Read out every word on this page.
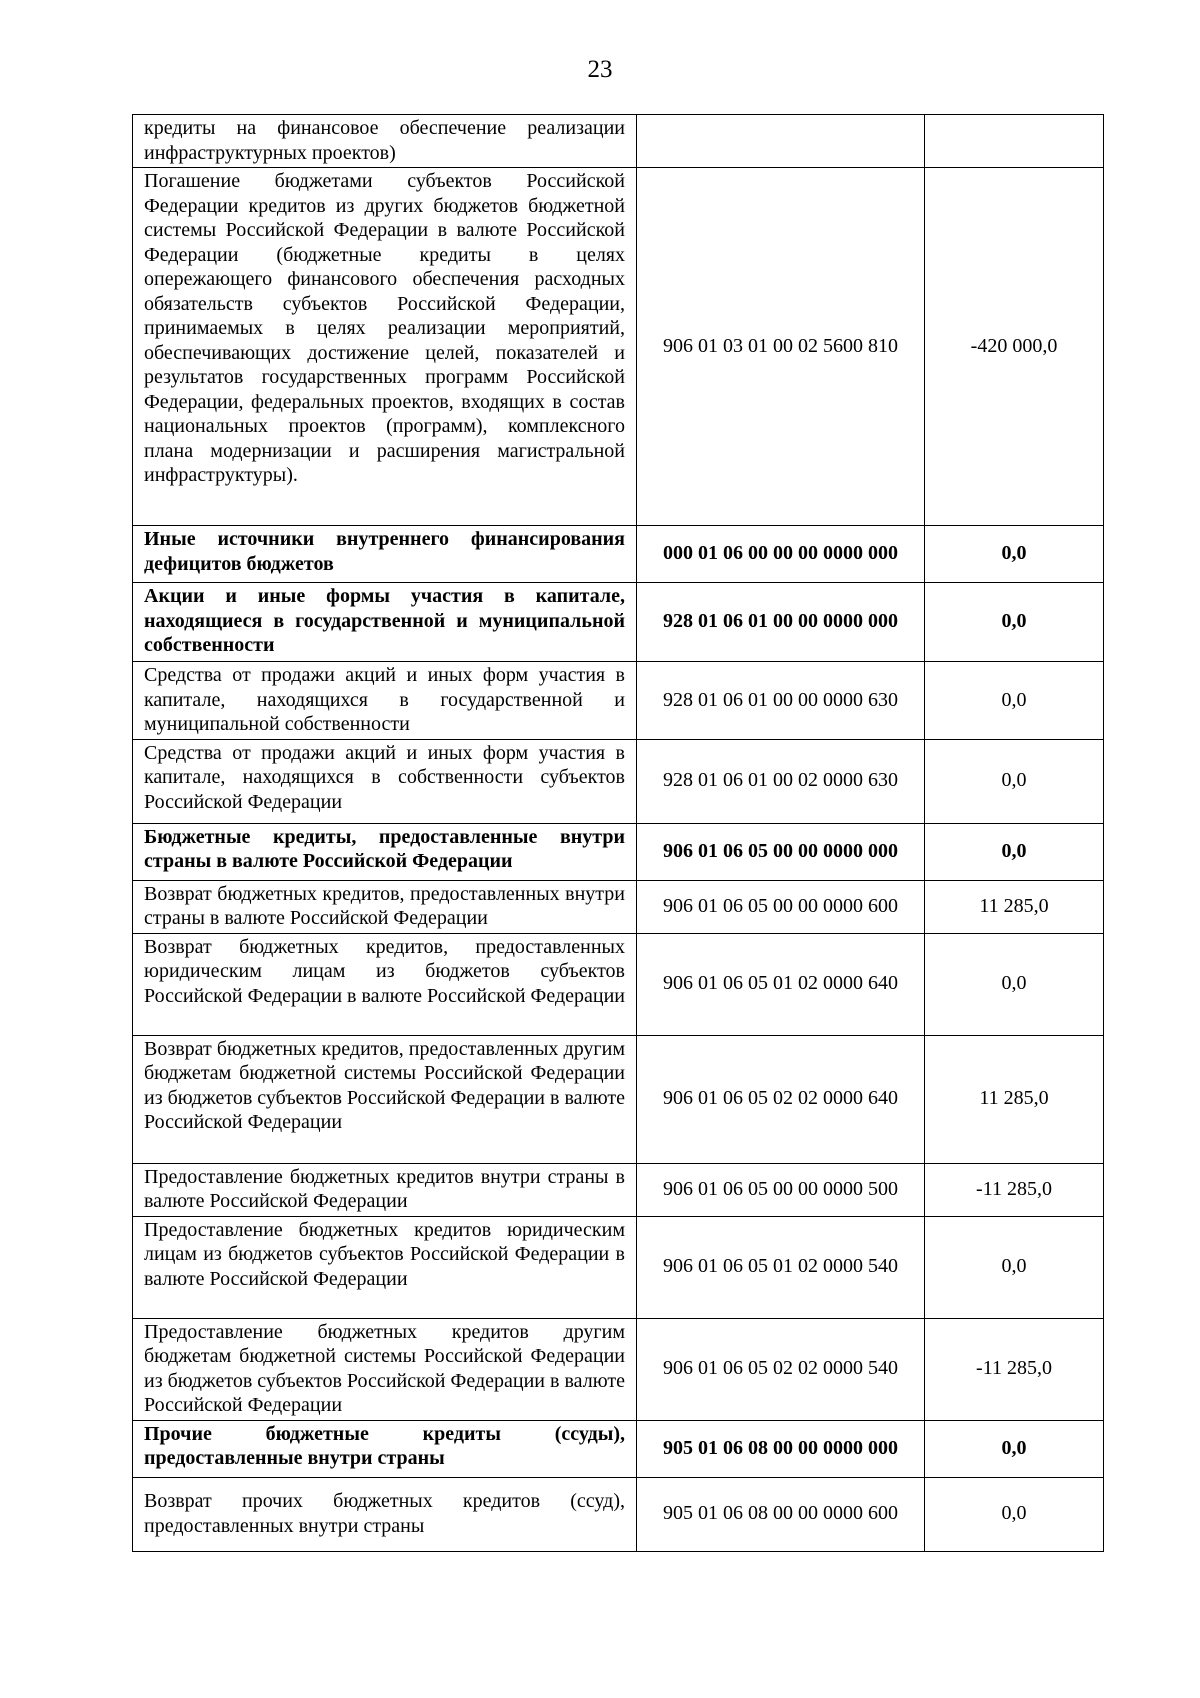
23
кредиты на финансовое обеспечение реализации инфраструктурных проектов)		
Погашение бюджетами субъектов Российской Федерации кредитов из других бюджетов бюджетной системы Российской Федерации в валюте Российской Федерации (бюджетные кредиты в целях опережающего финансового обеспечения расходных обязательств субъектов Российской Федерации, принимаемых в целях реализации мероприятий, обеспечивающих достижение целей, показателей и результатов государственных программ Российской Федерации, федеральных проектов, входящих в состав национальных проектов (программ), комплексного плана модернизации и расширения магистральной инфраструктуры).	906 01 03 01 00 02 5600 810	-420 000,0
Иные источники внутреннего финансирования дефицитов бюджетов	000 01 06 00 00 00 0000 000	0,0
Акции и иные формы участия в капитале, находящиеся в государственной и муниципальной собственности	928 01 06 01 00 00 0000 000	0,0
Средства от продажи акций и иных форм участия в капитале, находящихся в государственной и муниципальной собственности	928 01 06 01 00 00 0000 630	0,0
Средства от продажи акций и иных форм участия в капитале, находящихся в собственности субъектов Российской Федерации	928 01 06 01 00 02 0000 630	0,0
Бюджетные кредиты, предоставленные внутри страны в валюте Российской Федерации	906 01 06 05 00 00 0000 000	0,0
Возврат бюджетных кредитов, предоставленных внутри страны в валюте Российской Федерации	906 01 06 05 00 00 0000 600	11 285,0
Возврат бюджетных кредитов, предоставленных юридическим лицам из бюджетов субъектов Российской Федерации в валюте Российской Федерации	906 01 06 05 01 02 0000 640	0,0
Возврат бюджетных кредитов, предоставленных другим бюджетам бюджетной системы Российской Федерации из бюджетов субъектов Российской Федерации в валюте Российской Федерации	906 01 06 05 02 02 0000 640	11 285,0
Предоставление бюджетных кредитов внутри страны в валюте Российской Федерации	906 01 06 05 00 00 0000 500	-11 285,0
Предоставление бюджетных кредитов юридическим лицам из бюджетов субъектов Российской Федерации в валюте Российской Федерации	906 01 06 05 01 02 0000 540	0,0
Предоставление бюджетных кредитов другим бюджетам бюджетной системы Российской Федерации из бюджетов субъектов Российской Федерации в валюте Российской Федерации	906 01 06 05 02 02 0000 540	-11 285,0
Прочие бюджетные кредиты (ссуды), предоставленные внутри страны	905 01 06 08 00 00 0000 000	0,0
Возврат прочих бюджетных кредитов (ссуд), предоставленных внутри страны	905 01 06 08 00 00 0000 600	0,0
